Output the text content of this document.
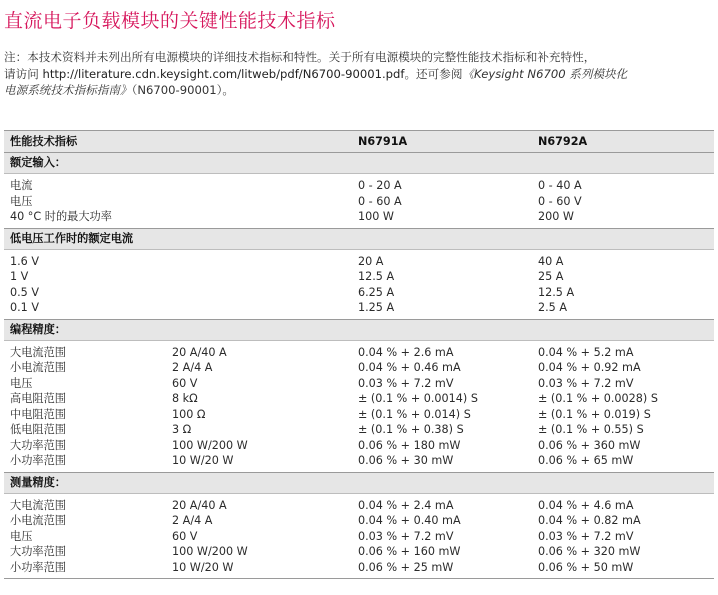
直流电子负载模块的关键性能技术指标
注：本技术资料并未列出所有电源模块的详细技术指标和特性。关于所有电源模块的完整性能技术指标和补充特性，
请访问 http://literature.cdn.keysight.com/litweb/pdf/N6700-90001.pdf。还可参阅《Keysight N6700 系列模块化
电源系统技术指标指南》（N6700-90001）。
性能技术指标		N6791A	N6792A
额定输入：			
电流		0 - 20 A	0 - 40 A
电压		0 - 60 A	0 - 60 V
40 °C 时的最大功率		100 W	200 W
低电压工作时的额定电流			
1.6 V		20 A	40 A
1 V		12.5 A	25 A
0.5 V		6.25 A	12.5 A
0.1 V		1.25 A	2.5 A
编程精度：			
大电流范围	20 A/40 A	0.04 % + 2.6 mA	0.04 % + 5.2 mA
小电流范围	2 A/4 A	0.04 % + 0.46 mA	0.04 % + 0.92 mA
电压	60 V	0.03 % + 7.2 mV	0.03 % + 7.2 mV
高电阻范围	8 kΩ	± (0.1 % + 0.0014) S	± (0.1 % + 0.0028) S
中电阻范围	100 Ω	± (0.1 % + 0.014) S	± (0.1 % + 0.019) S
低电阻范围	3 Ω	± (0.1 % + 0.38) S	± (0.1 % + 0.55) S
大功率范围	100 W/200 W	0.06 % + 180 mW	0.06 % + 360 mW
小功率范围	10 W/20 W	0.06 % + 30 mW	0.06 % + 65 mW
测量精度：			
大电流范围	20 A/40 A	0.04 % + 2.4 mA	0.04 % + 4.6 mA
小电流范围	2 A/4 A	0.04 % + 0.40 mA	0.04 % + 0.82 mA
电压	60 V	0.03 % + 7.2 mV	0.03 % + 7.2 mV
大功率范围	100 W/200 W	0.06 % + 160 mW	0.06 % + 320 mW
小功率范围	10 W/20 W	0.06 % + 25 mW	0.06 % + 50 mW
